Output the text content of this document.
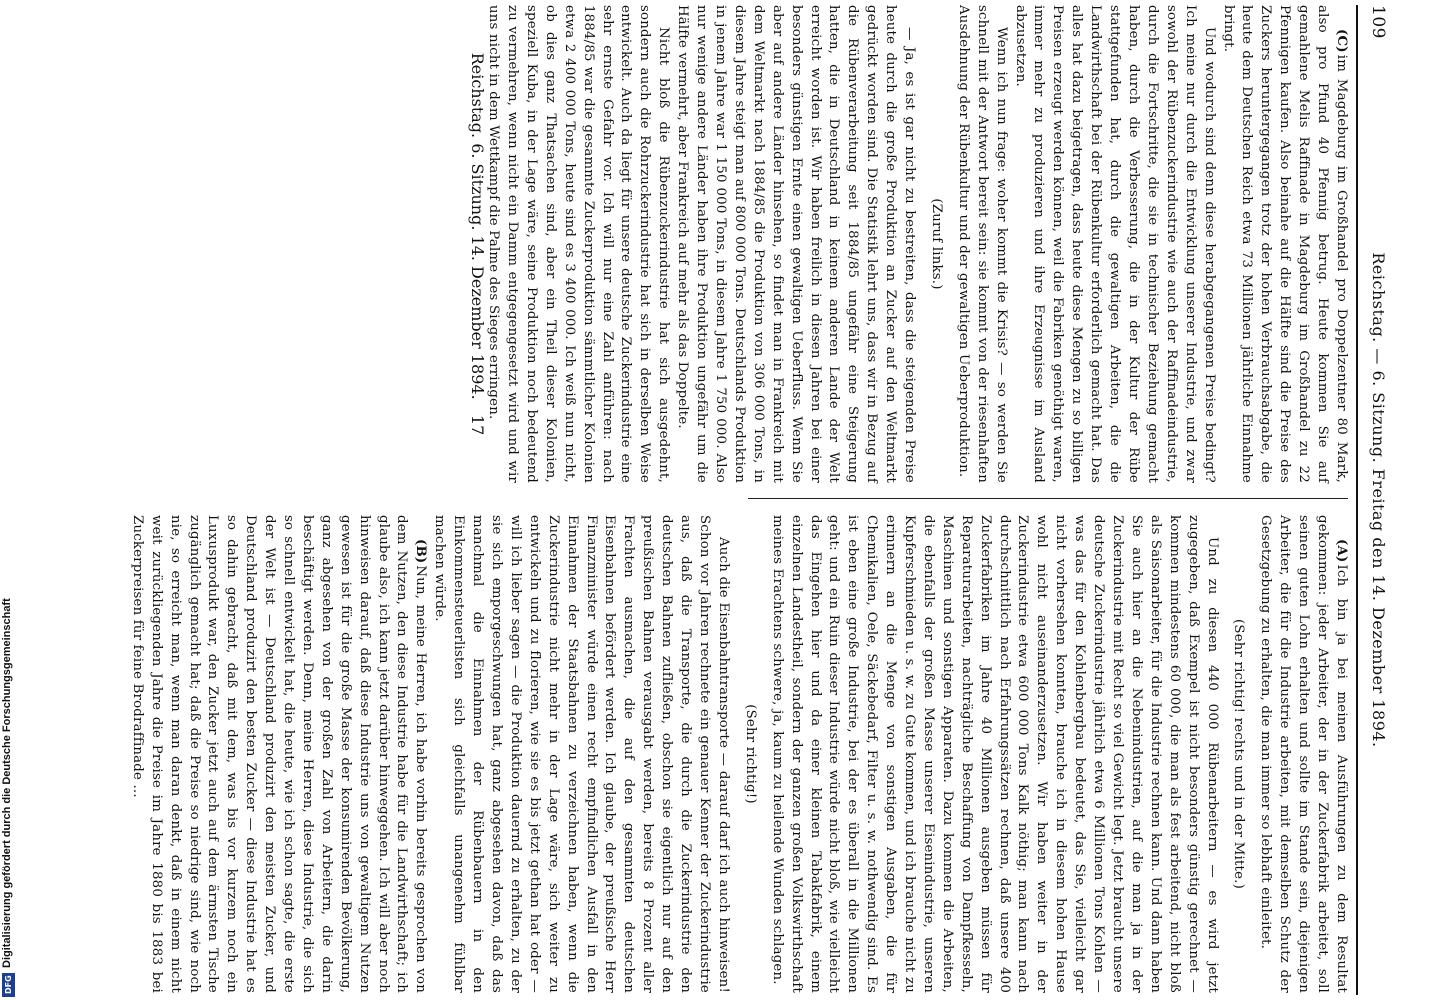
109
Reichstag. — 6. Sitzung. Freitag den 14. Dezember 1894.

(C)im Magdeburg im Großhandel pro Doppelzentner 80 Mark, also pro Pfund 40 Pfennig betrug. Heute kommen Sie auf gemahlene Melis Raffinade in Magdeburg im Großhandel zu 22 Pfennigen kaufen. Also beinahe auf die Hälfte sind die Preise des Zuckers heruntergegangen trotz der hohen Verbrauchsabgabe, die heute dem Deutschen Reich etwa 73 Millionen jährliche Einnahme bringt.

Und wodurch sind denn diese herabgegangenen Preise bedingt? Ich meine nur durch die Entwicklung unserer Industrie, und zwar sowohl der Rübenzuckerindustrie wie auch der Raffinadeindustrie, durch die Fortschritte, die sie in technischer Beziehung gemacht haben, durch die Verbesserung, die in der Kultur der Rübe stattgefunden hat, durch die gewaltigen Arbeiten, die die Landwirthschaft bei der Rübenkultur erforderlich gemacht hat. Das alles hat dazu beigetragen, dass heute diese Mengen zu so billigen Preisen erzeugt werden können, weil die Fabriken genöthigt waren, immer mehr zu produzieren und ihre Erzeugnisse im Ausland abzusetzen.

Wenn ich nun frage: woher kommt die Krisis? — so werden Sie schnell mit der Antwort bereit sein: sie kommt von der riesenhaften Ausdehnung der Rübenkultur und der gewaltigen Ueberproduktion.

(Zuruf links.)

— Ja, es ist gar nicht zu bestreiten, dass die steigenden Preise heute durch die große Produktion an Zucker auf den Weltmarkt gedrückt worden sind. Die Statistik lehrt uns, dass wir in Bezug auf die Rübenverarbeitung seit 1884/85 ungefähr eine Steigerung hatten, die in Deutschland in keinem anderen Lande der Welt erreicht worden ist. Wir haben freilich in diesen Jahren bei einer besonders günstigen Ernte einen gewaltigen Ueberfluss. Wenn Sie aber auf andere Länder hinsehen, so findet man in Frankreich mit dem Weltmarkt nach 1884/85 die Produktion von 306 000 Tons, in diesem Jahre steigt man auf 800 000 Tons. Deutschlands Produktion in jenem Jahre war 1 150 000 Tons, in diesem Jahre 1 750 000. Also nur wenige andere Länder haben ihre Produktion ungefähr um die Hälfte vermehrt, aber Frankreich auf mehr als das Doppelte.

Nicht bloß die Rübenzuckerindustrie hat sich ausgedehnt, sondern auch die Rohrzuckerindustrie hat sich in derselben Weise entwickelt. Auch da liegt für unsere deutsche Zuckerindustrie eine sehr ernste Gefahr vor. Ich will nur eine Zahl anführen: nach 1884/85 war die gesammte Zuckerproduktion sämmtlicher Kolonien etwa 2 400 000 Tons, heute sind es 3 400 000. Ich weiß nun nicht, ob dies ganz Thatsachen sind, aber ein Theil dieser Kolonien, speziell Kuba, in der Lage wäre, seine Produktion noch bedeutend zu vermehren, wenn nicht ein Damm entgegengesetzt wird und wir uns nicht in dem Wettkampf die Palme des Sieges erringen.

(A)Ich bin ja bei meinen Ausführungen zu dem Resultat gekommen: jeder Arbeiter, der in der Zuckerfabrik arbeitet, soll seinen guten Lohn erhalten und sollte im Stande sein, diejenigen Arbeiter, die für die Industrie arbeiten, mit demselben Schutz der Gesetzgebung zu erhalten, die man immer so lebhaft einleitet.

(Sehr richtig! rechts und in der Mitte.)

Und zu diesen 440 000 Rübenarbeitern — es wird jetzt zugegeben, daß Exempel ist nicht besonders günstig gerechnet — kommen mindestens 60 000, die man als fest arbeitend, nicht bloß als Saisonarbeiter, für die Industrie rechnen kann. Und dann haben Sie auch hier an die Nebenindustrien, auf die man ja in der Zuckerindustrie mit Recht so viel Gewicht legt. Jetzt braucht unsere deutsche Zuckerindustrie jährlich etwa 6 Millionen Tons Kohlen — was das für den Kohlenbergbau bedeutet, das Sie, vielleicht gar nicht vorhersehen konnten, brauche ich in diesem hohen Hause wohl nicht auseinanderzusetzen. Wir haben weiter in der Zuckerindustrie etwa 600 000 Tons Kalk nöthig; man kann nach durchschnittlich nach Erfahrungssätzen rechnen, daß unsere 400 Zuckerfabriken im Jahre 40 Millionen ausgeben müssen für Reparaturarbeiten, nachträgliche Beschaffung von Dampfkesseln, Maschinen und sonstigen Apparaten. Dazu kommen die Arbeiten, die ebenfalls der großen Masse unserer Eisenindustrie, unseren Kupferschmieden u. s. w. zu Gute kommen, und ich brauche nicht zu erinnern an die Menge von sonstigen Ausgaben, die für Chemikalien, Oele, Säckebedarf, Filter u. s. w. nothwendig sind. Es ist eben eine große Industrie, bei der es überall in die Millionen geht: und ein Ruin dieser Industrie würde nicht bloß, wie vielleicht das Eingehen hier und da einer kleinen Tabakfabrik, einem einzelnen Landestheil, sondern der ganzen großen Volkswirthschaft meines Erachtens schwere, ja, kaum zu heilende Wunden schlagen.

(Sehr richtig!)

Auch die Eisenbahntransporte — darauf darf ich auch hinweisen! Schon vor Jahren rechnete ein genauer Kenner der Zuckerindustrie aus, daß die Transporte, die durch die Zuckerindustrie den deutschen Bahnen zufließen, obschon sie eigentlich nur auf den preußischen Bahnen verausgabt werden, bereits 8 Prozent aller Frachten ausmachen, die auf den gesammten deutschen Eisenbahnen befördert werden. Ich glaube, der preußische Herr Finanzminister würde einen recht empfindlichen Ausfall in den Einnahmen der Staatsbahnen zu verzeichnen haben, wenn die Zuckerindustrie nicht mehr in der Lage wäre, sich weiter zu entwickeln und zu florieren, wie sie es bis jetzt gethan hat oder — will ich lieber sagen — die Produktion dauernd zu erhalten, zu der sie sich emporgeschwungen hat, ganz abgesehen davon, daß das manchmal die Einnahmen der Rübenbauern in den Einkommensteuerlisten sich gleichfalls unangenehm fühlbar machen würde.

(B)Nun, meine Herren, ich habe vorhin bereits gesprochen von dem Nutzen, den diese Industrie habe für die Landwirthschaft; ich glaube also, ich kann jetzt darüber hinweggehen. Ich will aber noch hinweisen darauf, daß diese Industrie uns von gewaltigem Nutzen gewesen ist für die große Masse der konsumirenden Bevölkerung, ganz abgesehen von der großen Zahl von Arbeitern, die darin beschäftigt werden. Denn, meine Herren, diese Industrie, die sich so schnell entwickelt hat, die heute, wie ich schon sagte, die erste der Welt ist — Deutschland produzirt den meisten Zucker, und Deutschland produzirt den besten Zucker — diese Industrie hat es so dahin gebracht, daß mit dem, was bis vor kurzem noch ein Luxusprodukt war, den Zucker jetzt auch auf dem ärmsten Tische zugänglich gemacht hat; daß die Preise so niedrige sind, wie noch nie, so erreicht man, wenn man daran denkt, daß in einem nicht weit zurückliegenden Jahre die Preise im Jahre 1880 bis 1883 bei Zuckerpreisen für feine Brodraffinade ...

Reichstag. 6. Sitzung. 14. Dezember 1894.   17
Digitalisierung gefördert durch die Deutsche Forschungsgemeinschaft
DFG
